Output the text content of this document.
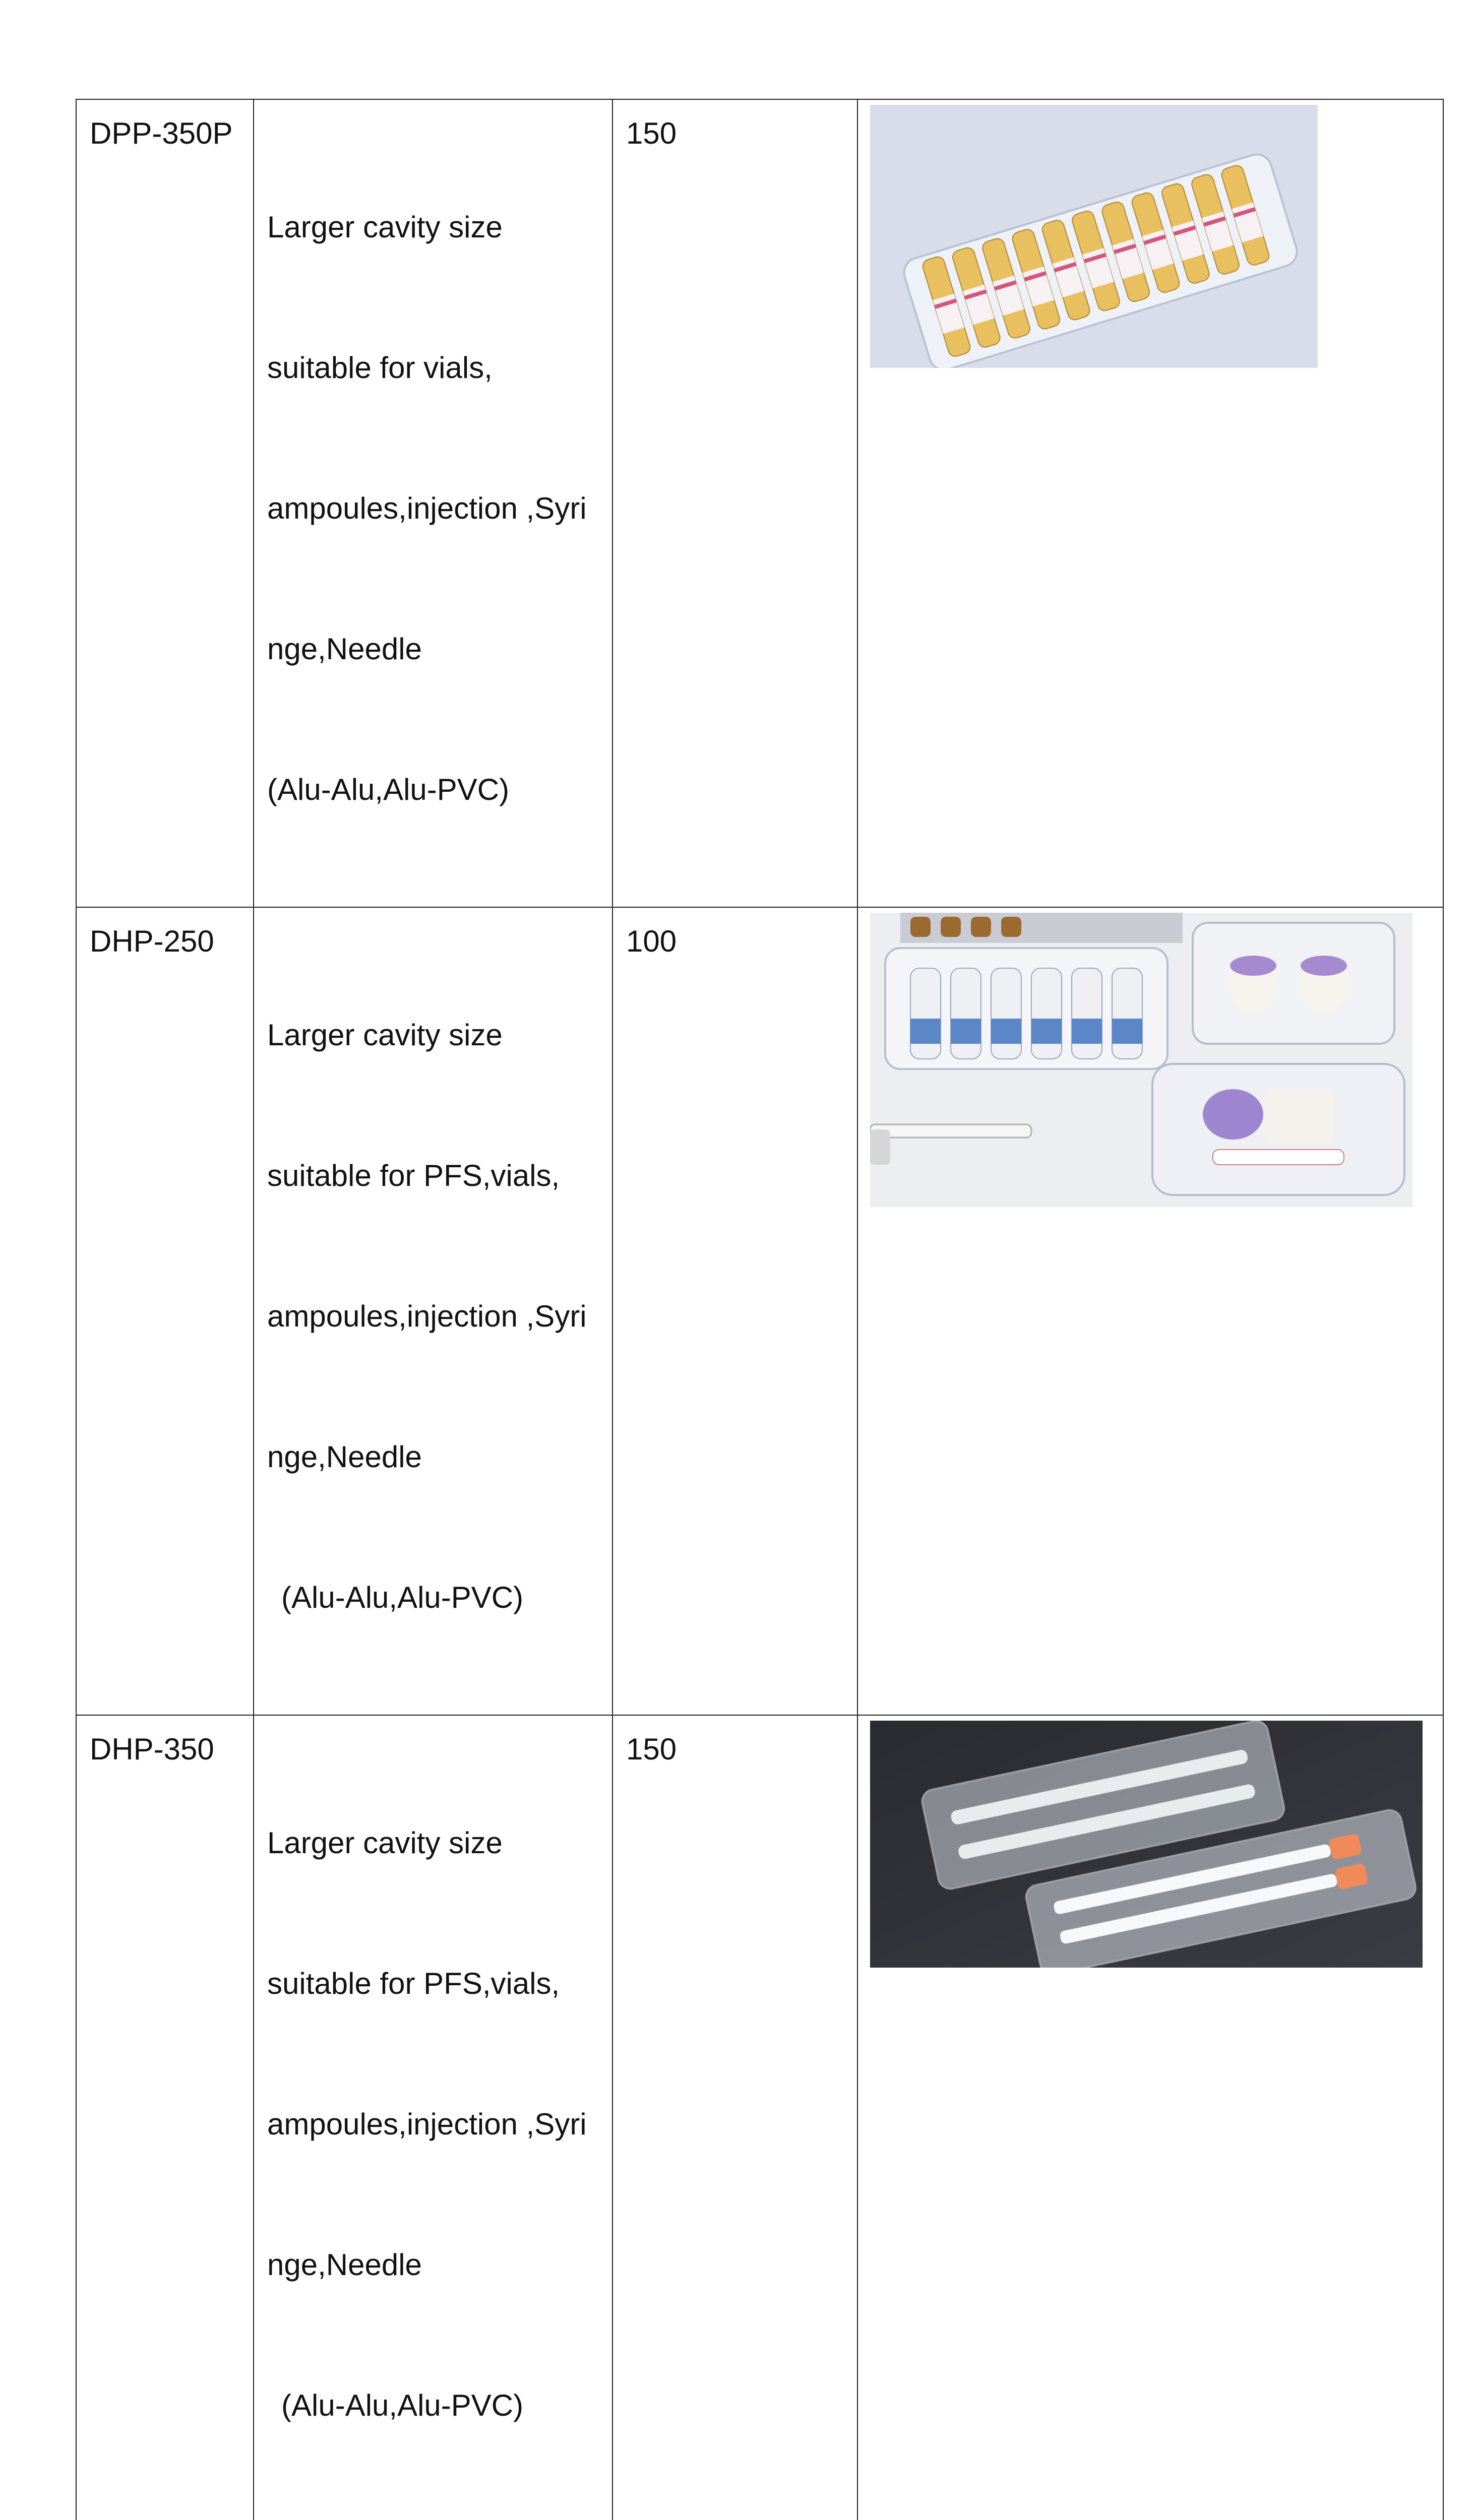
DPP-350P	Larger cavity size

suitable for vials,

ampoules,injection ,Syri

nge,Needle

(Alu-Alu,Alu-PVC)	150

DHP-250	Larger cavity size

suitable for PFS,vials,

ampoules,injection ,Syri

nge,Needle

(Alu-Alu,Alu-PVC)	100

DHP-350	Larger cavity size

suitable for PFS,vials,

ampoules,injection ,Syri

nge,Needle

(Alu-Alu,Alu-PVC)	150
